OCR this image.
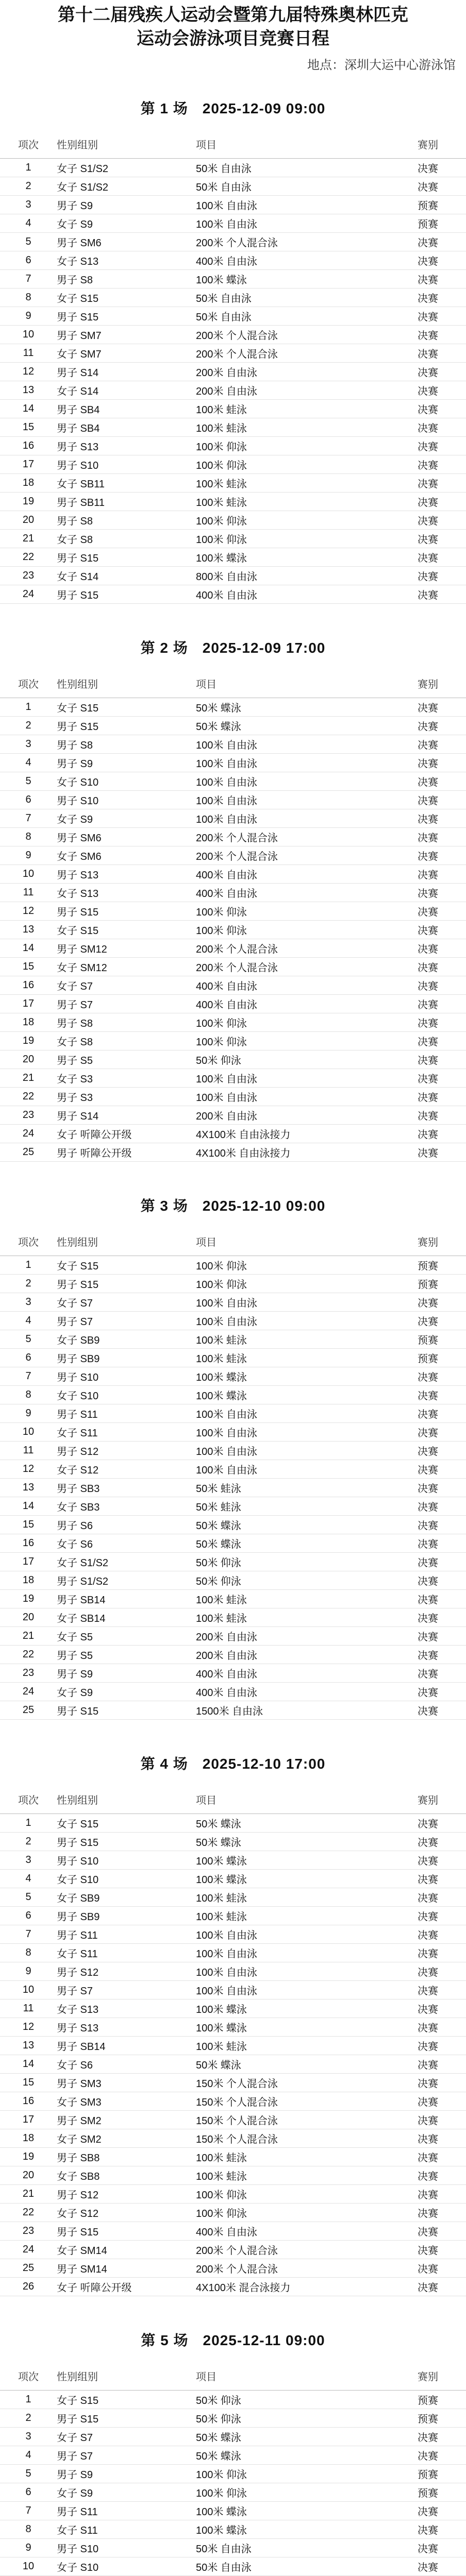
第十二届残疾人运动会暨第九届特殊奥林匹克
运动会游泳项目竞赛日程
地点：深圳大运中心游泳馆
第 1 场 2025-12-09 09:00
项次	性别组别	项目	赛别
1	女子 S1/S2	50米 自由泳	决赛
2	女子 S1/S2	50米 自由泳	决赛
3	男子 S9	100米 自由泳	预赛
4	女子 S9	100米 自由泳	预赛
5	男子 SM6	200米 个人混合泳	决赛
6	女子 S13	400米 自由泳	决赛
7	男子 S8	100米 蝶泳	决赛
8	女子 S15	50米 自由泳	决赛
9	男子 S15	50米 自由泳	决赛
10	男子 SM7	200米 个人混合泳	决赛
11	女子 SM7	200米 个人混合泳	决赛
12	男子 S14	200米 自由泳	决赛
13	女子 S14	200米 自由泳	决赛
14	男子 SB4	100米 蛙泳	决赛
15	男子 SB4	100米 蛙泳	决赛
16	男子 S13	100米 仰泳	决赛
17	男子 S10	100米 仰泳	决赛
18	女子 SB11	100米 蛙泳	决赛
19	男子 SB11	100米 蛙泳	决赛
20	男子 S8	100米 仰泳	决赛
21	女子 S8	100米 仰泳	决赛
22	男子 S15	100米 蝶泳	决赛
23	女子 S14	800米 自由泳	决赛
24	男子 S15	400米 自由泳	决赛
第 2 场 2025-12-09 17:00
项次	性别组别	项目	赛别
1	女子 S15	50米 蝶泳	决赛
2	男子 S15	50米 蝶泳	决赛
3	男子 S8	100米 自由泳	决赛
4	男子 S9	100米 自由泳	决赛
5	女子 S10	100米 自由泳	决赛
6	男子 S10	100米 自由泳	决赛
7	女子 S9	100米 自由泳	决赛
8	男子 SM6	200米 个人混合泳	决赛
9	女子 SM6	200米 个人混合泳	决赛
10	男子 S13	400米 自由泳	决赛
11	女子 S13	400米 自由泳	决赛
12	男子 S15	100米 仰泳	决赛
13	女子 S15	100米 仰泳	决赛
14	男子 SM12	200米 个人混合泳	决赛
15	女子 SM12	200米 个人混合泳	决赛
16	女子 S7	400米 自由泳	决赛
17	男子 S7	400米 自由泳	决赛
18	男子 S8	100米 仰泳	决赛
19	女子 S8	100米 仰泳	决赛
20	男子 S5	50米 仰泳	决赛
21	女子 S3	100米 自由泳	决赛
22	男子 S3	100米 自由泳	决赛
23	男子 S14	200米 自由泳	决赛
24	女子 听障公开级	4X100米 自由泳接力	决赛
25	男子 听障公开级	4X100米 自由泳接力	决赛
第 3 场 2025-12-10 09:00
项次	性别组别	项目	赛别
1	女子 S15	100米 仰泳	预赛
2	男子 S15	100米 仰泳	预赛
3	女子 S7	100米 自由泳	决赛
4	男子 S7	100米 自由泳	决赛
5	女子 SB9	100米 蛙泳	预赛
6	男子 SB9	100米 蛙泳	预赛
7	男子 S10	100米 蝶泳	决赛
8	女子 S10	100米 蝶泳	决赛
9	男子 S11	100米 自由泳	决赛
10	女子 S11	100米 自由泳	决赛
11	男子 S12	100米 自由泳	决赛
12	女子 S12	100米 自由泳	决赛
13	男子 SB3	50米 蛙泳	决赛
14	女子 SB3	50米 蛙泳	决赛
15	男子 S6	50米 蝶泳	决赛
16	女子 S6	50米 蝶泳	决赛
17	女子 S1/S2	50米 仰泳	决赛
18	男子 S1/S2	50米 仰泳	决赛
19	男子 SB14	100米 蛙泳	决赛
20	女子 SB14	100米 蛙泳	决赛
21	女子 S5	200米 自由泳	决赛
22	男子 S5	200米 自由泳	决赛
23	男子 S9	400米 自由泳	决赛
24	女子 S9	400米 自由泳	决赛
25	男子 S15	1500米 自由泳	决赛
第 4 场 2025-12-10 17:00
项次	性别组别	项目	赛别
1	女子 S15	50米 蝶泳	决赛
2	男子 S15	50米 蝶泳	决赛
3	男子 S10	100米 蝶泳	决赛
4	女子 S10	100米 蝶泳	决赛
5	女子 SB9	100米 蛙泳	决赛
6	男子 SB9	100米 蛙泳	决赛
7	男子 S11	100米 自由泳	决赛
8	女子 S11	100米 自由泳	决赛
9	男子 S12	100米 自由泳	决赛
10	男子 S7	100米 自由泳	决赛
11	女子 S13	100米 蝶泳	决赛
12	男子 S13	100米 蝶泳	决赛
13	男子 SB14	100米 蛙泳	决赛
14	女子 S6	50米 蝶泳	决赛
15	男子 SM3	150米 个人混合泳	决赛
16	女子 SM3	150米 个人混合泳	决赛
17	男子 SM2	150米 个人混合泳	决赛
18	女子 SM2	150米 个人混合泳	决赛
19	男子 SB8	100米 蛙泳	决赛
20	女子 SB8	100米 蛙泳	决赛
21	男子 S12	100米 仰泳	决赛
22	女子 S12	100米 仰泳	决赛
23	男子 S15	400米 自由泳	决赛
24	女子 SM14	200米 个人混合泳	决赛
25	男子 SM14	200米 个人混合泳	决赛
26	女子 听障公开级	4X100米 混合泳接力	决赛
第 5 场 2025-12-11 09:00
项次	性别组别	项目	赛别
1	女子 S15	50米 仰泳	预赛
2	男子 S15	50米 仰泳	预赛
3	女子 S7	50米 蝶泳	决赛
4	男子 S7	50米 蝶泳	决赛
5	男子 S9	100米 仰泳	预赛
6	女子 S9	100米 仰泳	预赛
7	男子 S11	100米 蝶泳	决赛
8	女子 S11	100米 蝶泳	决赛
9	男子 S10	50米 自由泳	决赛
10	女子 S10	50米 自由泳	决赛
